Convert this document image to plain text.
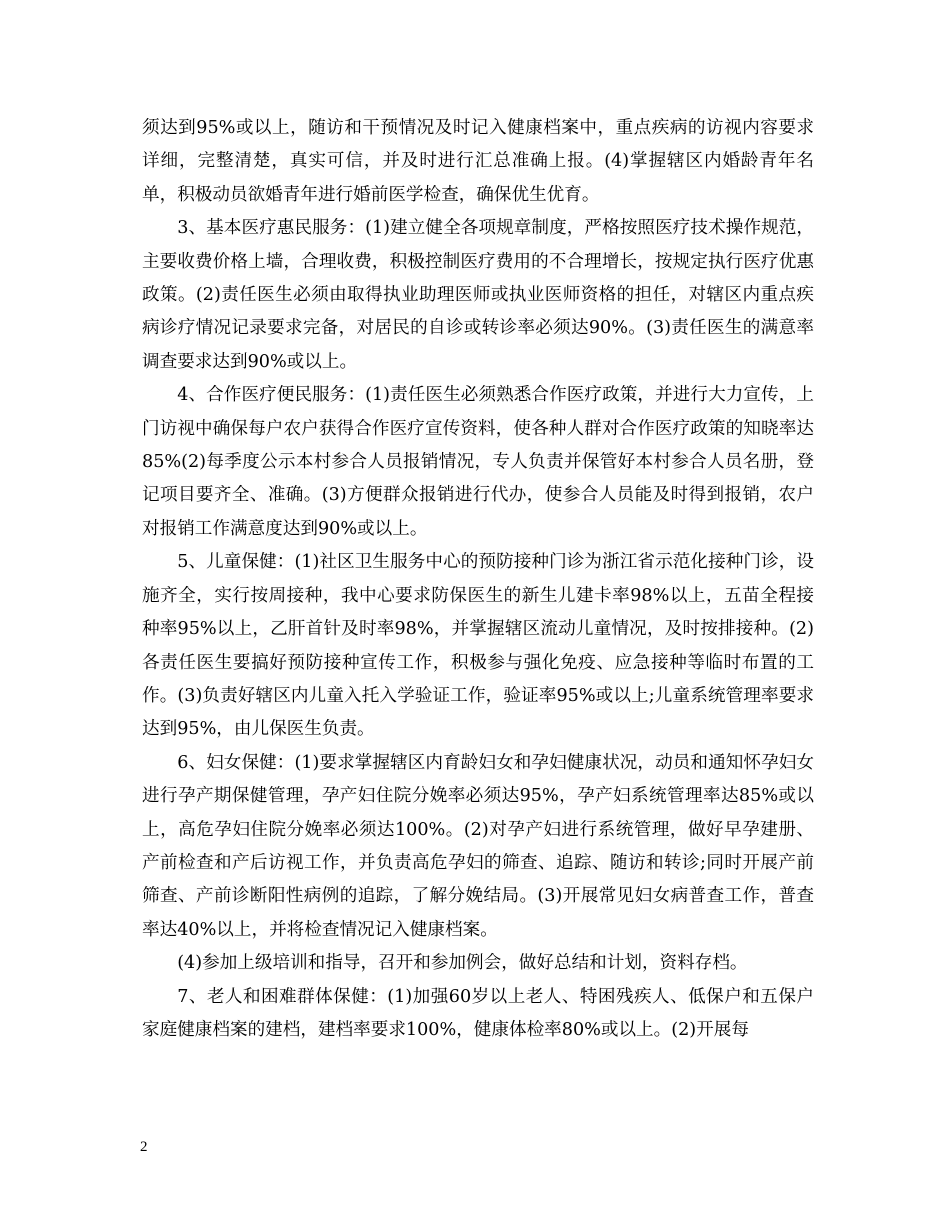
须达到95%或以上，随访和干预情况及时记入健康档案中，重点疾病的访视内容要求详细，完整清楚，真实可信，并及时进行汇总准确上报。(4)掌握辖区内婚龄青年名单，积极动员欲婚青年进行婚前医学检查，确保优生优育。

3、基本医疗惠民服务：(1)建立健全各项规章制度，严格按照医疗技术操作规范，主要收费价格上墙，合理收费，积极控制医疗费用的不合理增长，按规定执行医疗优惠政策。(2)责任医生必须由取得执业助理医师或执业医师资格的担任，对辖区内重点疾病诊疗情况记录要求完备，对居民的自诊或转诊率必须达90%。(3)责任医生的满意率调查要求达到90%或以上。

4、合作医疗便民服务：(1)责任医生必须熟悉合作医疗政策，并进行大力宣传，上门访视中确保每户农户获得合作医疗宣传资料，使各种人群对合作医疗政策的知晓率达85%(2)每季度公示本村参合人员报销情况，专人负责并保管好本村参合人员名册，登记项目要齐全、准确。(3)方便群众报销进行代办，使参合人员能及时得到报销，农户对报销工作满意度达到90%或以上。

5、儿童保健：(1)社区卫生服务中心的预防接种门诊为浙江省示范化接种门诊，设施齐全，实行按周接种，我中心要求防保医生的新生儿建卡率98%以上，五苗全程接种率95%以上，乙肝首针及时率98%，并掌握辖区流动儿童情况，及时按排接种。(2)各责任医生要搞好预防接种宣传工作，积极参与强化免疫、应急接种等临时布置的工作。(3)负责好辖区内儿童入托入学验证工作，验证率95%或以上;儿童系统管理率要求达到95%，由儿保医生负责。

6、妇女保健：(1)要求掌握辖区内育龄妇女和孕妇健康状况，动员和通知怀孕妇女进行孕产期保健管理，孕产妇住院分娩率必须达95%，孕产妇系统管理率达85%或以上，高危孕妇住院分娩率必须达100%。(2)对孕产妇进行系统管理，做好早孕建册、产前检查和产后访视工作，并负责高危孕妇的筛查、追踪、随访和转诊;同时开展产前筛查、产前诊断阳性病例的追踪，了解分娩结局。(3)开展常见妇女病普查工作，普查率达40%以上，并将检查情况记入健康档案。

(4)参加上级培训和指导，召开和参加例会，做好总结和计划，资料存档。

7、老人和困难群体保健：(1)加强60岁以上老人、特困残疾人、低保户和五保户家庭健康档案的建档，建档率要求100%，健康体检率80%或以上。(2)开展每

2
